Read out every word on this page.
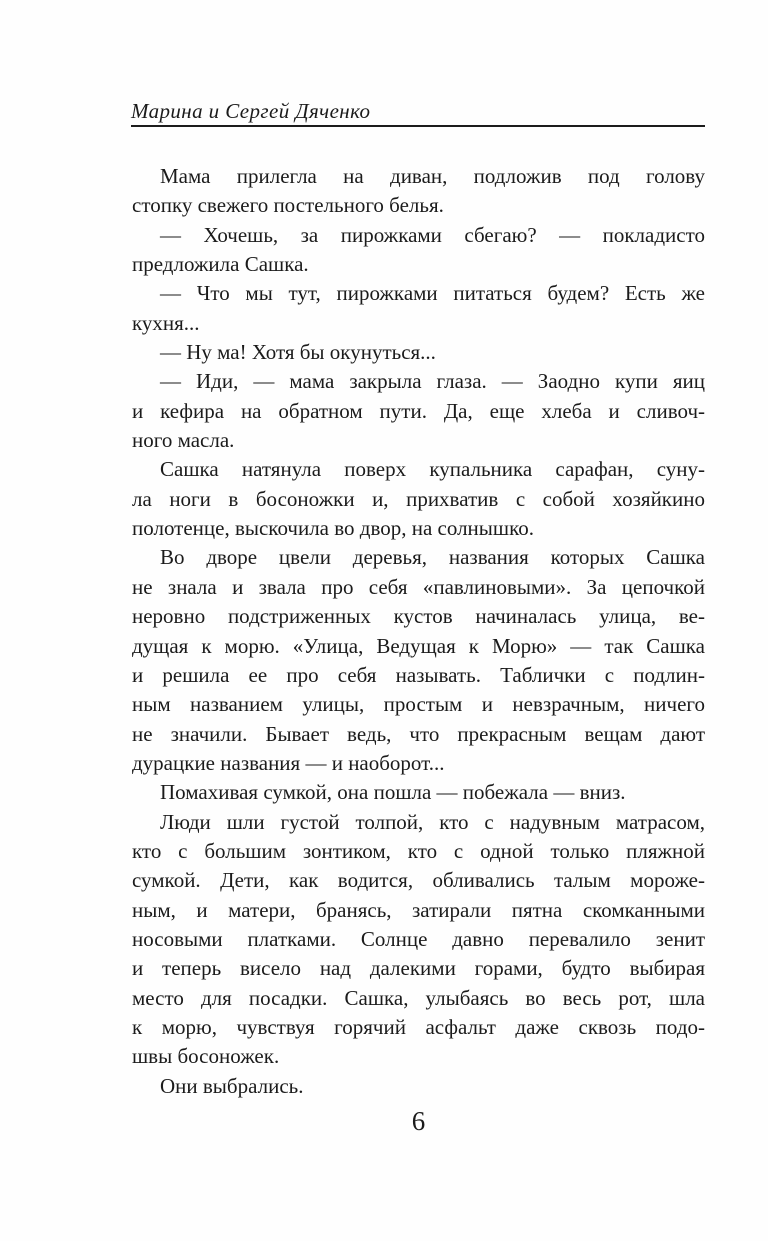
Марина и Сергей Дяченко
Мама прилегла на диван, подложив под голову
стопку свежего постельного белья.
— Хочешь, за пирожками сбегаю? — покладисто
предложила Сашка.
— Что мы тут, пирожками питаться будем? Есть же
кухня...
— Ну ма! Хотя бы окунуться...
— Иди, — мама закрыла глаза. — Заодно купи яиц
и кефира на обратном пути. Да, еще хлеба и сливоч-
ного масла.
Сашка натянула поверх купальника сарафан, суну-
ла ноги в босоножки и, прихватив с собой хозяйкино
полотенце, выскочила во двор, на солнышко.
Во дворе цвели деревья, названия которых Сашка
не знала и звала про себя «павлиновыми». За цепочкой
неровно подстриженных кустов начиналась улица, ве-
дущая к морю. «Улица, Ведущая к Морю» — так Сашка
и решила ее про себя называть. Таблички с подлин-
ным названием улицы, простым и невзрачным, ничего
не значили. Бывает ведь, что прекрасным вещам дают
дурацкие названия — и наоборот...
Помахивая сумкой, она пошла — побежала — вниз.
Люди шли густой толпой, кто с надувным матрасом,
кто с большим зонтиком, кто с одной только пляжной
сумкой. Дети, как водится, обливались талым мороже-
ным, и матери, бранясь, затирали пятна скомканными
носовыми платками. Солнце давно перевалило зенит
и теперь висело над далекими горами, будто выбирая
место для посадки. Сашка, улыбаясь во весь рот, шла
к морю, чувствуя горячий асфальт даже сквозь подо-
швы босоножек.
Они выбрались.
6
